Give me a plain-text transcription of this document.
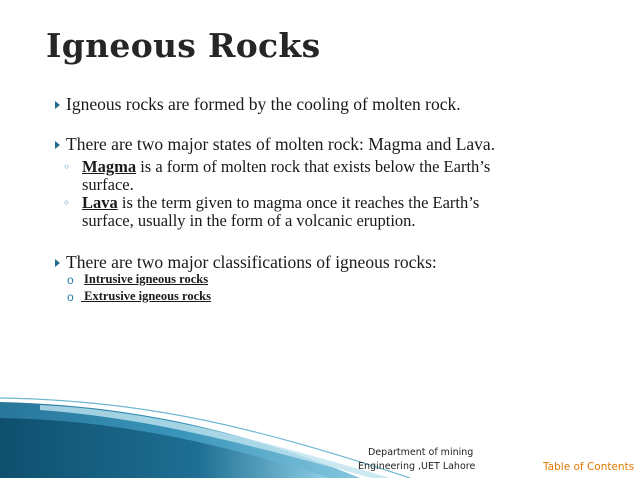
Igneous Rocks
Igneous rocks are formed by the cooling of molten rock.
There are two major states of molten rock: Magma and Lava.
◦ Magma is a form of molten rock that exists below the Earth’s
surface.
◦ Lava is the term given to magma once it reaches the Earth’s
surface, usually in the form of a volcanic eruption.
There are two major classifications of igneous rocks:
o Intrusive igneous rocks
o Extrusive igneous rocks
Department of mining
Engineering ,UET Lahore	Table of Contents
